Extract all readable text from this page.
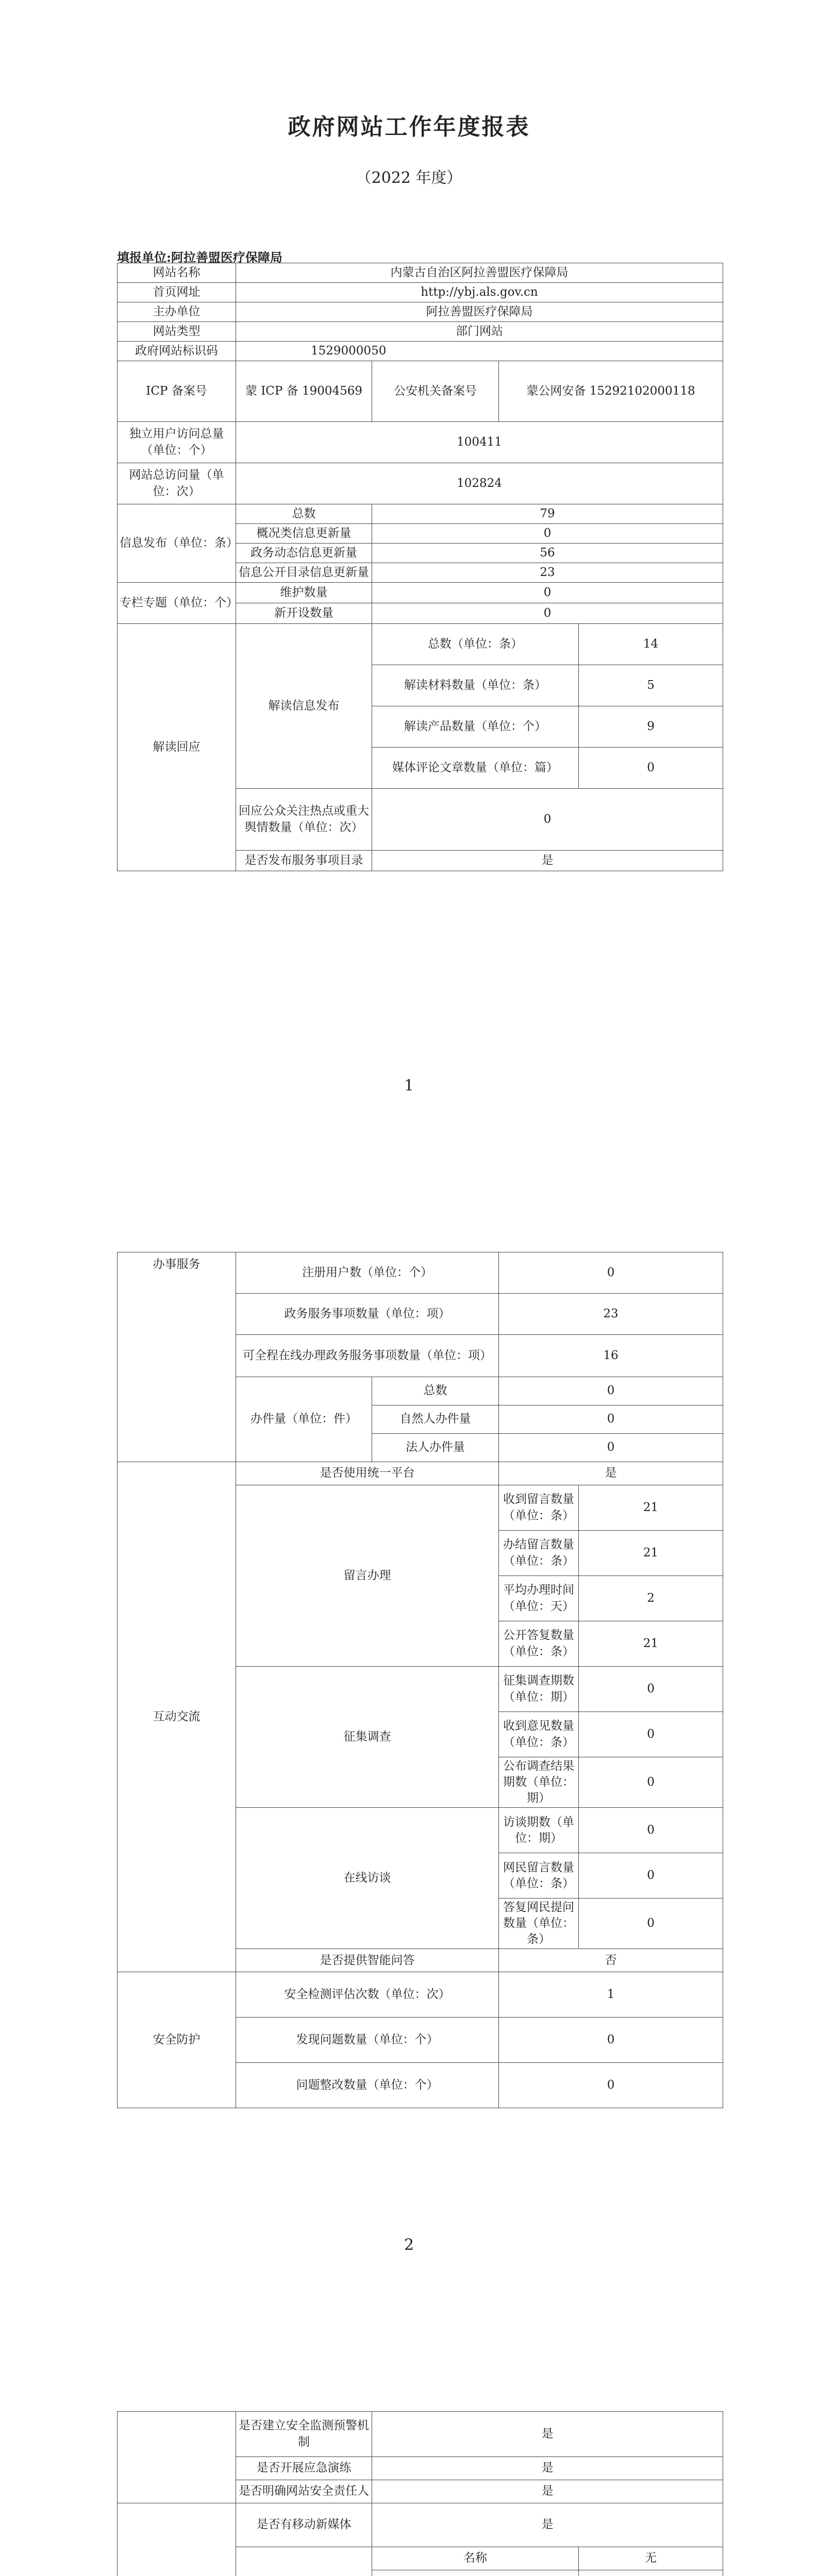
政府网站工作年度报表
（2022 年度）
填报单位:阿拉善盟医疗保障局
网站名称	内蒙古自治区阿拉善盟医疗保障局			
首页网址	http://ybj.als.gov.cn			
主办单位	阿拉善盟医疗保障局			
网站类型	部门网站			
政府网站标识码	1529000050			
ICP 备案号	蒙 ICP 备 19004569	公安机关备案号	蒙公网安备 15292102000118	
独立用户访问总量（单位：个）	100411			
网站总访问量（单位：次）	102824			
信息发布（单位：条）	总数	79		
	概况类信息更新量	0		
	政务动态信息更新量	56		
	信息公开目录信息更新量	23		
专栏专题（单位：个）	维护数量	0		
	新开设数量	0		
解读回应	解读信息发布	总数（单位：条）		14
		解读材料数量（单位：条）		5
		解读产品数量（单位：个）		9
		媒体评论文章数量（单位：篇）		0
	回应公众关注热点或重大舆情数量（单位：次）	0		
	是否发布服务事项目录	是		
1
办事服务	注册用户数（单位：个）		0	
	政务服务事项数量（单位：项）		23	
	可全程在线办理政务服务事项数量（单位：项）		16	
	办件量（单位：件）	总数	0	
		自然人办件量	0	
		法人办件量	0	
互动交流	是否使用统一平台		是	
	留言办理		收到留言数量（单位：条）	21
			办结留言数量（单位：条）	21
			平均办理时间（单位：天）	2
			公开答复数量（单位：条）	21
	征集调查		征集调查期数（单位：期）	0
			收到意见数量（单位：条）	0
			公布调查结果期数（单位：期）	0
	在线访谈		访谈期数（单位：期）	0
			网民留言数量（单位：条）	0
			答复网民提问数量（单位：条）	0
	是否提供智能问答		否	
安全防护	安全检测评估次数（单位：次）		1	
	发现问题数量（单位：个）		0	
	问题整改数量（单位：个）		0	
2
	是否建立安全监测预警机制	是	
	是否开展应急演练	是	
	是否明确网站安全责任人	是	
	是否有移动新媒体	是	
	名称	无
